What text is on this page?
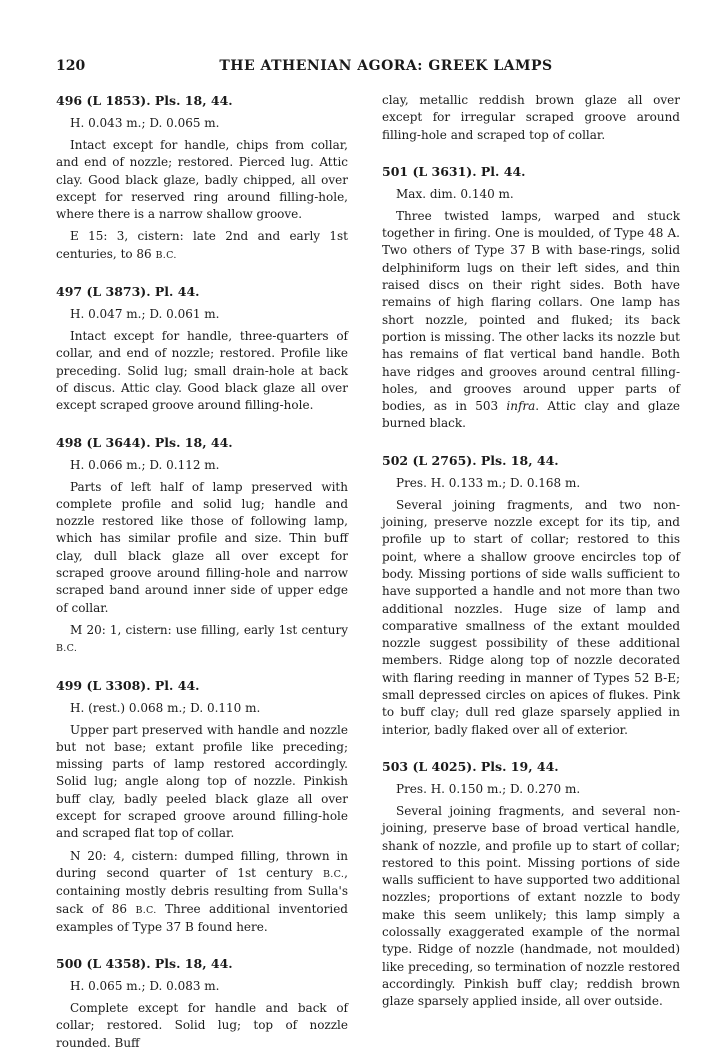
120	THE ATHENIAN AGORA: GREEK LAMPS

496 (L 1853). Pls. 18, 44.

H. 0.043 m.; D. 0.065 m.

Intact except for handle, chips from collar, and end of nozzle; restored. Pierced lug. Attic clay. Good black glaze, badly chipped, all over except for reserved ring around filling-hole, where there is a narrow shallow groove.

E 15: 3, cistern: late 2nd and early 1st centuries, to 86 B.C.

497 (L 3873). Pl. 44.

H. 0.047 m.; D. 0.061 m.

Intact except for handle, three-quarters of collar, and end of nozzle; restored. Profile like preceding. Solid lug; small drain-hole at back of discus. Attic clay. Good black glaze all over except scraped groove around filling-hole.

498 (L 3644). Pls. 18, 44.

H. 0.066 m.; D. 0.112 m.

Parts of left half of lamp preserved with complete profile and solid lug; handle and nozzle restored like those of following lamp, which has similar profile and size. Thin buff clay, dull black glaze all over except for scraped groove around filling-hole and narrow scraped band around inner side of upper edge of collar.

M 20: 1, cistern: use filling, early 1st century B.C.

499 (L 3308). Pl. 44.

H. (rest.) 0.068 m.; D. 0.110 m.

Upper part preserved with handle and nozzle but not base; extant profile like preceding; missing parts of lamp restored accordingly. Solid lug; angle along top of nozzle. Pinkish buff clay, badly peeled black glaze all over except for scraped groove around filling-hole and scraped flat top of collar.

N 20: 4, cistern: dumped filling, thrown in during second quarter of 1st century B.C., containing mostly debris resulting from Sulla's sack of 86 B.C. Three additional inventoried examples of Type 37 B found here.

500 (L 4358). Pls. 18, 44.

H. 0.065 m.; D. 0.083 m.

Complete except for handle and back of collar; restored. Solid lug; top of nozzle rounded. Buff

clay, metallic reddish brown glaze all over except for irregular scraped groove around filling-hole and scraped top of collar.

501 (L 3631). Pl. 44.

Max. dim. 0.140 m.

Three twisted lamps, warped and stuck together in firing. One is moulded, of Type 48 A. Two others of Type 37 B with base-rings, solid delphiniform lugs on their left sides, and thin raised discs on their right sides. Both have remains of high flaring collars. One lamp has short nozzle, pointed and fluked; its back portion is missing. The other lacks its nozzle but has remains of flat vertical band handle. Both have ridges and grooves around central filling-holes, and grooves around upper parts of bodies, as in 503 infra. Attic clay and glaze burned black.

502 (L 2765). Pls. 18, 44.

Pres. H. 0.133 m.; D. 0.168 m.

Several joining fragments, and two non-joining, preserve nozzle except for its tip, and profile up to start of collar; restored to this point, where a shallow groove encircles top of body. Missing portions of side walls sufficient to have supported a handle and not more than two additional nozzles. Huge size of lamp and comparative smallness of the extant moulded nozzle suggest possibility of these additional members. Ridge along top of nozzle decorated with flaring reeding in manner of Types 52 B-E; small depressed circles on apices of flukes. Pink to buff clay; dull red glaze sparsely applied in interior, badly flaked over all of exterior.

503 (L 4025). Pls. 19, 44.

Pres. H. 0.150 m.; D. 0.270 m.

Several joining fragments, and several non-joining, preserve base of broad vertical handle, shank of nozzle, and profile up to start of collar; restored to this point. Missing portions of side walls sufficient to have supported two additional nozzles; proportions of extant nozzle to body make this seem unlikely; this lamp simply a colossally exaggerated example of the normal type. Ridge of nozzle (handmade, not moulded) like preceding, so termination of nozzle restored accordingly. Pinkish buff clay; reddish brown glaze sparsely applied inside, all over outside.
